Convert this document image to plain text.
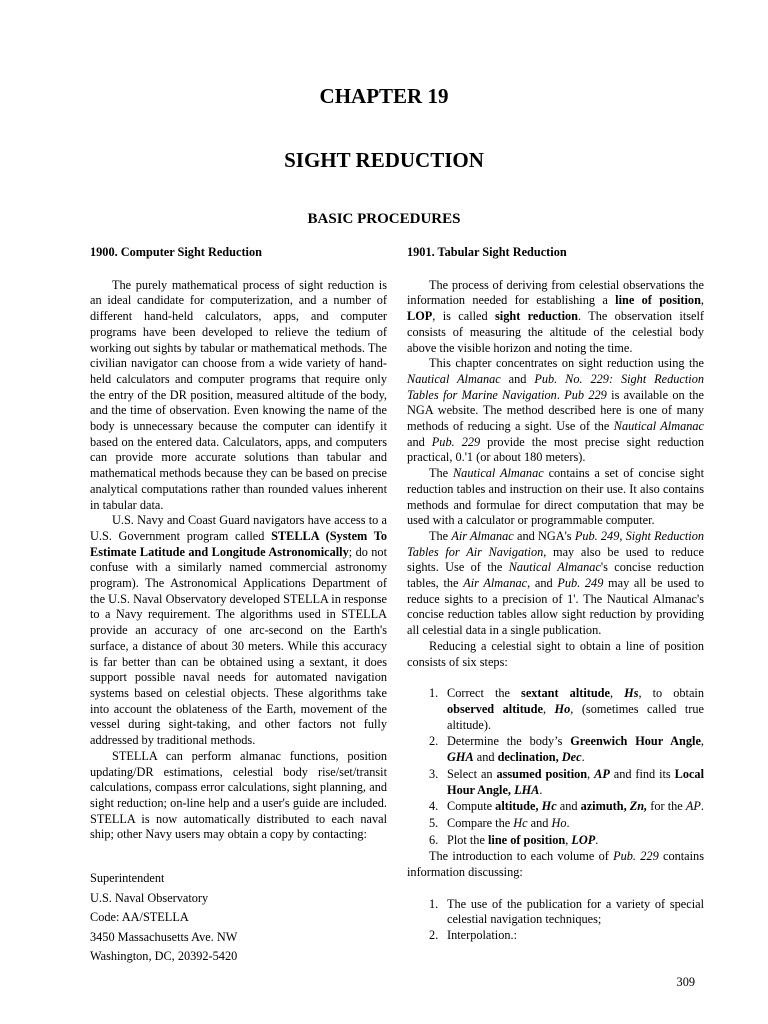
CHAPTER 19
SIGHT REDUCTION
BASIC PROCEDURES
1900. Computer Sight Reduction

The purely mathematical process of sight reduction is an ideal candidate for computerization, and a number of different hand-held calculators, apps, and computer programs have been developed to relieve the tedium of working out sights by tabular or mathematical methods. The civilian navigator can choose from a wide variety of hand-held calculators and computer programs that require only the entry of the DR position, measured altitude of the body, and the time of observation. Even knowing the name of the body is unnecessary because the computer can identify it based on the entered data. Calculators, apps, and computers can provide more accurate solutions than tabular and mathematical methods because they can be based on precise analytical computations rather than rounded values inherent in tabular data.

U.S. Navy and Coast Guard navigators have access to a U.S. Government program called STELLA (System To Estimate Latitude and Longitude Astronomically; do not confuse with a similarly named commercial astronomy program). The Astronomical Applications Department of the U.S. Naval Observatory developed STELLA in response to a Navy requirement. The algorithms used in STELLA provide an accuracy of one arc-second on the Earth's surface, a distance of about 30 meters. While this accuracy is far better than can be obtained using a sextant, it does support possible naval needs for automated navigation systems based on celestial objects. These algorithms take into account the oblateness of the Earth, movement of the vessel during sight-taking, and other factors not fully addressed by traditional methods.

STELLA can perform almanac functions, position updating/DR estimations, celestial body rise/set/transit calculations, compass error calculations, sight planning, and sight reduction; on-line help and a user's guide are included. STELLA is now automatically distributed to each naval ship; other Navy users may obtain a copy by contacting:

Superintendent
U.S. Naval Observatory
Code: AA/STELLA
3450 Massachusetts Ave. NW
Washington, DC, 20392-5420
1901. Tabular Sight Reduction

The process of deriving from celestial observations the information needed for establishing a line of position, LOP, is called sight reduction. The observation itself consists of measuring the altitude of the celestial body above the visible horizon and noting the time.

This chapter concentrates on sight reduction using the Nautical Almanac and Pub. No. 229: Sight Reduction Tables for Marine Navigation. Pub 229 is available on the NGA website. The method described here is one of many methods of reducing a sight. Use of the Nautical Almanac and Pub. 229 provide the most precise sight reduction practical, 0.'1 (or about 180 meters).

The Nautical Almanac contains a set of concise sight reduction tables and instruction on their use. It also contains methods and formulae for direct computation that may be used with a calculator or programmable computer.

The Air Almanac and NGA's Pub. 249, Sight Reduction Tables for Air Navigation, may also be used to reduce sights. Use of the Nautical Almanac's concise reduction tables, the Air Almanac, and Pub. 249 may all be used to reduce sights to a precision of 1'. The Nautical Almanac's concise reduction tables allow sight reduction by providing all celestial data in a single publication.

Reducing a celestial sight to obtain a line of position consists of six steps:

1. Correct the sextant altitude, Hs, to obtain observed altitude, Ho, (sometimes called true altitude).
2. Determine the body’s Greenwich Hour Angle, GHA and declination, Dec.
3. Select an assumed position, AP and find its Local Hour Angle, LHA.
4. Compute altitude, Hc and azimuth, Zn, for the AP.
5. Compare the Hc and Ho.
6. Plot the line of position, LOP.

The introduction to each volume of Pub. 229 contains information discussing:

1. The use of the publication for a variety of special celestial navigation techniques;
2. Interpolation.:
309
